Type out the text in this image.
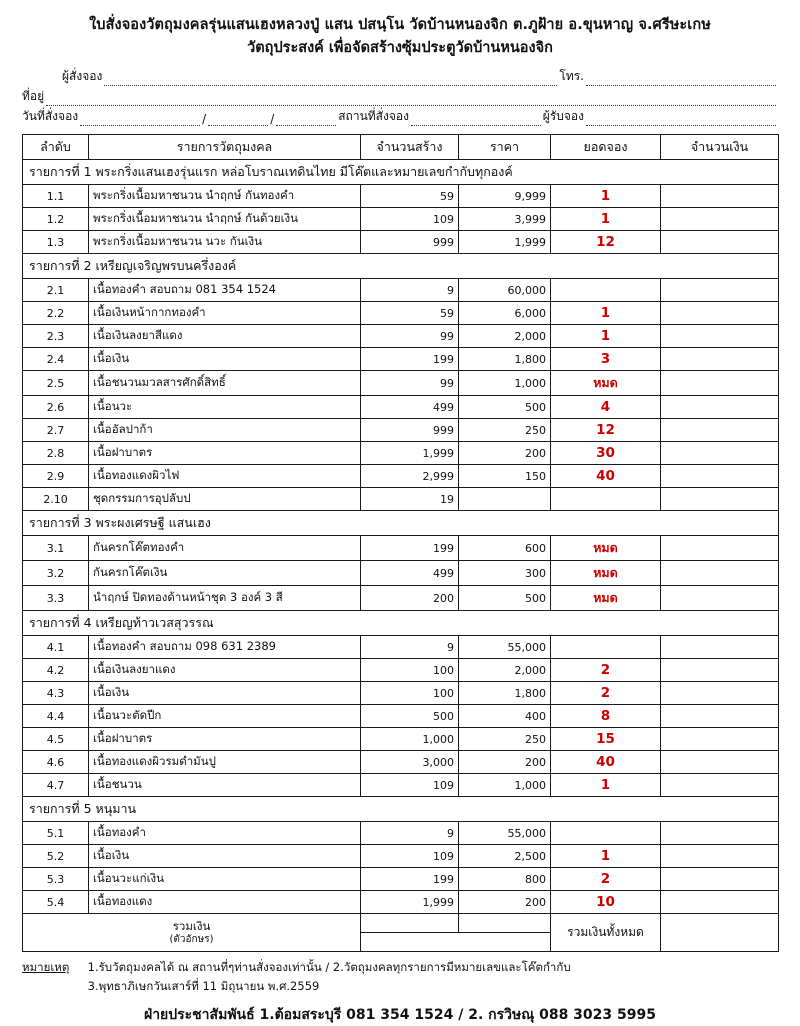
ใบสั่งจองวัตถุมงคลรุ่นแสนเฮงหลวงปู่ แสน ปสนฺโน วัดบ้านหนองจิก ต.ภูฝ้าย อ.ขุนหาญ จ.ศรีษะเกษ
วัตถุประสงค์ เพื่อจัดสร้างซุ้มประตูวัดบ้านหนองจิก
ผู้สั่งจอง	โทร.
ที่อยู่
วันที่สั่งจอง	/	/	สถานที่สั่งจอง	ผู้รับจอง
ลำดับ	รายการวัตถุมงคล	จำนวนสร้าง	ราคา	ยอดจอง	จำนวนเงิน
รายการที่ 1 พระกริ่งแสนเฮงรุ่นแรก หล่อโบราณเทดินไทย มีโค๊ตและหมายเลขกำกับทุกองค์					
1.1	พระกริ่งเนื้อมหาชนวน นำฤกษ์ กันทองคำ	59	9,999	1	
1.2	พระกริ่งเนื้อมหาชนวน นำฤกษ์ กันด้วยเงิน	109	3,999	1	
1.3	พระกริ่งเนื้อมหาชนวน นวะ กันเงิน	999	1,999	12	
รายการที่ 2 เหรียญเจริญพรบนครึ่งองค์					
2.1	เนื้อทองคำ สอบถาม 081 354 1524	9	60,000		
2.2	เนื้อเงินหน้ากากทองคำ	59	6,000	1	
2.3	เนื้อเงินลงยาสีแดง	99	2,000	1	
2.4	เนื้อเงิน	199	1,800	3	
2.5	เนื้อชนวนมวลสารศักดิ์สิทธิ์	99	1,000	หมด	
2.6	เนื้อนวะ	499	500	4	
2.7	เนื้ออัลปาก้า	999	250	12	
2.8	เนื้อฝาบาตร	1,999	200	30	
2.9	เนื้อทองแดงผิวไฟ	2,999	150	40	
2.10	ชุดกรรมการอุปลับป	19			
รายการที่ 3 พระผงเศรษฐี แสนเฮง					
3.1	กันครกโค๊ตทองคำ	199	600	หมด	
3.2	กันครกโค๊ตเงิน	499	300	หมด	
3.3	นำฤกษ์ ปิดทองด้านหน้าชุด 3 องค์ 3 สี	200	500	หมด	
รายการที่ 4 เหรียญท้าวเวสสุวรรณ					
4.1	เนื้อทองคำ สอบถาม 098 631 2389	9	55,000		
4.2	เนื้อเงินลงยาแดง	100	2,000	2	
4.3	เนื้อเงิน	100	1,800	2	
4.4	เนื้อนวะตัดปีก	500	400	8	
4.5	เนื้อฝาบาตร	1,000	250	15	
4.6	เนื้อทองแดงผิวรมดำมันปู	3,000	200	40	
4.7	เนื้อชนวน	109	1,000	1	
รายการที่ 5 หนุมาน					
5.1	เนื้อทองคำ	9	55,000		
5.2	เนื้อเงิน	109	2,500	1	
5.3	เนื้อนวะแก่เงิน	199	800	2	
5.4	เนื้อทองแดง	1,999	200	10	

รวมเงิน
(ตัวอักษร)				รวมเงินทั้งหมด	

หมายเหตุ 1.รับวัตถุมงคลได้ ณ สถานที่ๆท่านสั่งจองเท่านั้น / 2.วัตถุมงคลทุกรายการมีหมายเลขและโค๊ตกำกับ
3.พุทธาภิเษกวันเสาร์ที่ 11 มิถุนายน พ.ศ.2559
ฝ่ายประชาสัมพันธ์ 1.ต้อมสระบุรี 081 354 1524 / 2. กรวิษณุ 088 3023 5995
